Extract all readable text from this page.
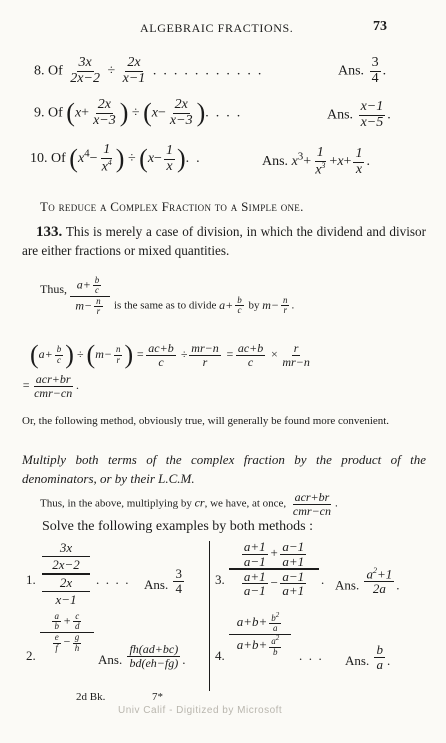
ALGEBRAIC FRACTIONS.	73
8. Of $\frac{3x}{2x-2} \div \frac{2x}{x-1}$ .  .  .  .  .  .  .  .  .  .  .	Ans. $\frac{3}{4}$ .
9. Of ($x+ \frac{2x}{x-3}$ ) ÷ ($x- \frac{2x}{x-3}$ ).  .  .  .	Ans. $\frac{x-1}{x-5}$ .
10. Of ($x^4- \frac{1}{x^4}$ ) ÷ ($x- \frac{1}{x}$ ).  .	Ans. $x^3+ \frac{1}{x^3} +x+ \frac{1}{x}$ .
To reduce a Complex Fraction to a Simple one.
133. This is merely a case of division, in which the dividend and divisor are either fractions or mixed quantities.
Thus, $a+ \frac{b}{c}$
$m- \frac{n}{r}$ is the same as to divide $a+ \frac{b}{c}$ by $m- \frac{n}{r}$ .
($a+ \frac{b}{c}$ ) ÷ ($m- \frac{n}{r}$ ) = $\frac{ac+b}{c} \div \frac{mr-n}{r} = \frac{ac+b}{c} \times \frac{r}{mr-n}$
= $\frac{\text{acr+br}}{\text{cmr−cn}}$ .
Or, the following method, obviously true, will generally be found more convenient.
Multiply both terms of the complex fraction by the product of the denominators, or by their L.C.M.
Thus, in the above, multiplying by cr, we have, at once, $\frac{\text{acr+br}}{\text{cmr−cn}}$ .
Solve the following examples by both methods :
1.
3x
2x−2
2x
x−1
.  .  .  . Ans. $\frac{3}{4} 3$.
$\frac{a+1}{a-1} + \frac{a-1}{a+1}$
$\frac{a+1}{a-1} - \frac{a-1}{a+1}$ . Ans. $\frac{a^2+1}{2a}$ .
2.
$\frac{a}{b} + \frac{c}{d}$
$\frac{e}{f} - \frac{g}{h}$
Ans. $\frac{fh(ad+bc)}{bd(eh-fg)}$ . 4.
$a+b+ \frac{b^2}{a}$
$a+b+ \frac{a^2}{b}$ .  .  . Ans. $\frac{b}{a}$ .
2d Bk.	7*
Univ Calif - Digitized by Microsoft
